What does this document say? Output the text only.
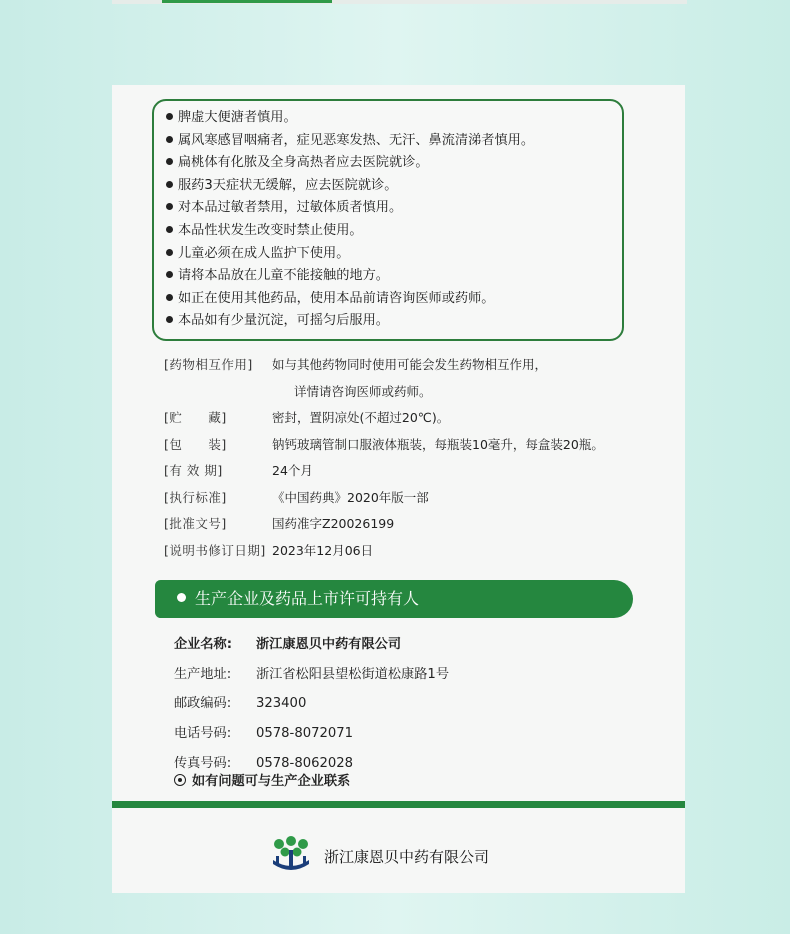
脾虚大便溏者慎用。
属风寒感冒咽痛者，症见恶寒发热、无汗、鼻流清涕者慎用。
扁桃体有化脓及全身高热者应去医院就诊。
服药3天症状无缓解，应去医院就诊。
对本品过敏者禁用，过敏体质者慎用。
本品性状发生改变时禁止使用。
儿童必须在成人监护下使用。
请将本品放在儿童不能接触的地方。
如正在使用其他药品，使用本品前请咨询医师或药师。
本品如有少量沉淀，可摇匀后服用。
[药物相互作用]	如与其他药物同时使用可能会发生药物相互作用，
详情请咨询医师或药师。
[贮　　藏]	密封，置阴凉处(不超过20℃)。
[包　　装]	钠钙玻璃管制口服液体瓶装，每瓶装10毫升，每盒装20瓶。
[有 效 期]	24个月
[执行标准]	《中国药典》2020年版一部
[批准文号]	国药准字Z20026199
[说明书修订日期] 2023年12月06日
生产企业及药品上市许可持有人
企业名称:	浙江康恩贝中药有限公司
生产地址:	浙江省松阳县望松街道松康路1号
邮政编码:	323400
电话号码:	0578-8072071
传真号码:	0578-8062028
如有问题可与生产企业联系
浙江康恩贝中药有限公司
